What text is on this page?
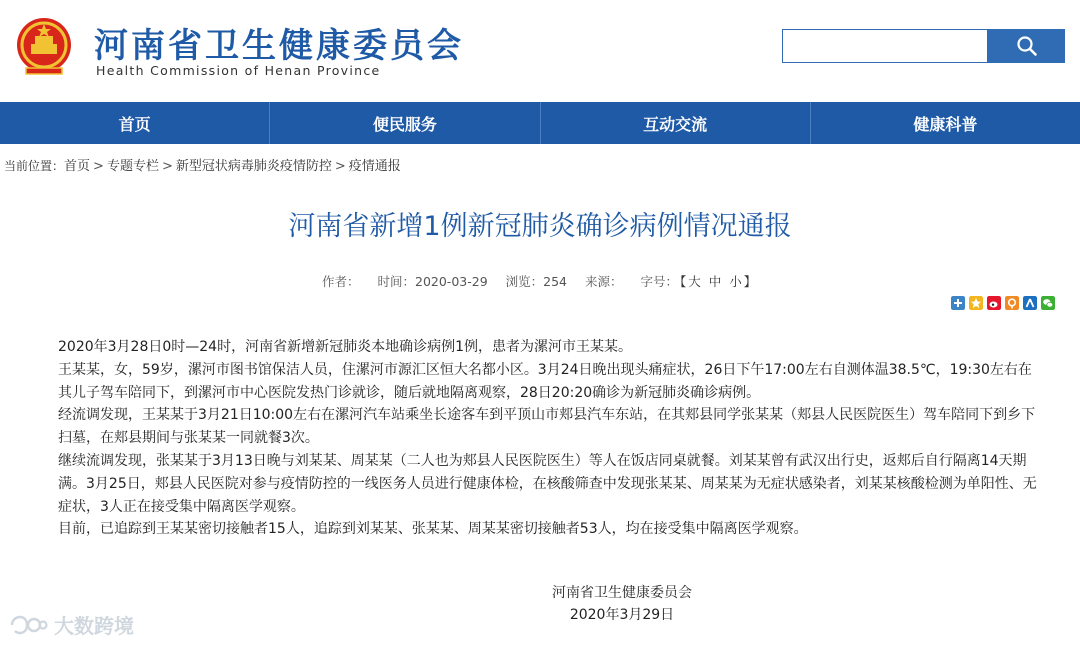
河南省卫生健康委员会
Health Commission of Henan Province
首页	便民服务	互动交流	健康科普
当前位置：首页 > 专题专栏 > 新型冠状病毒肺炎疫情防控 > 疫情通报
河南省新增1例新冠肺炎确诊病例情况通报
作者： 时间：2020-03-29 浏览：254 来源： 字号： 【大 中 小】

2020年3月28日0时—24时，河南省新增新冠肺炎本地确诊病例1例，患者为漯河市王某某。

王某某，女，59岁，漯河市图书馆保洁人员，住漯河市源汇区恒大名都小区。3月24日晚出现头痛症状，26日下午17:00左右自测体温38.5℃，19:30左右在其儿子驾车陪同下，到漯河市中心医院发热门诊就诊，随后就地隔离观察，28日20:20确诊为新冠肺炎确诊病例。

经流调发现，王某某于3月21日10:00左右在漯河汽车站乘坐长途客车到平顶山市郏县汽车东站，在其郏县同学张某某（郏县人民医院医生）驾车陪同下到乡下扫墓，在郏县期间与张某某一同就餐3次。

继续流调发现，张某某于3月13日晚与刘某某、周某某（二人也为郏县人民医院医生）等人在饭店同桌就餐。刘某某曾有武汉出行史，返郏后自行隔离14天期满。3月25日，郏县人民医院对参与疫情防控的一线医务人员进行健康体检，在核酸筛查中发现张某某、周某某为无症状感染者，刘某某核酸检测为单阳性、无症状，3人正在接受集中隔离医学观察。

目前，已追踪到王某某密切接触者15人，追踪到刘某某、张某某、周某某密切接触者53人，均在接受集中隔离医学观察。

河南省卫生健康委员会
2020年3月29日
大数跨境
